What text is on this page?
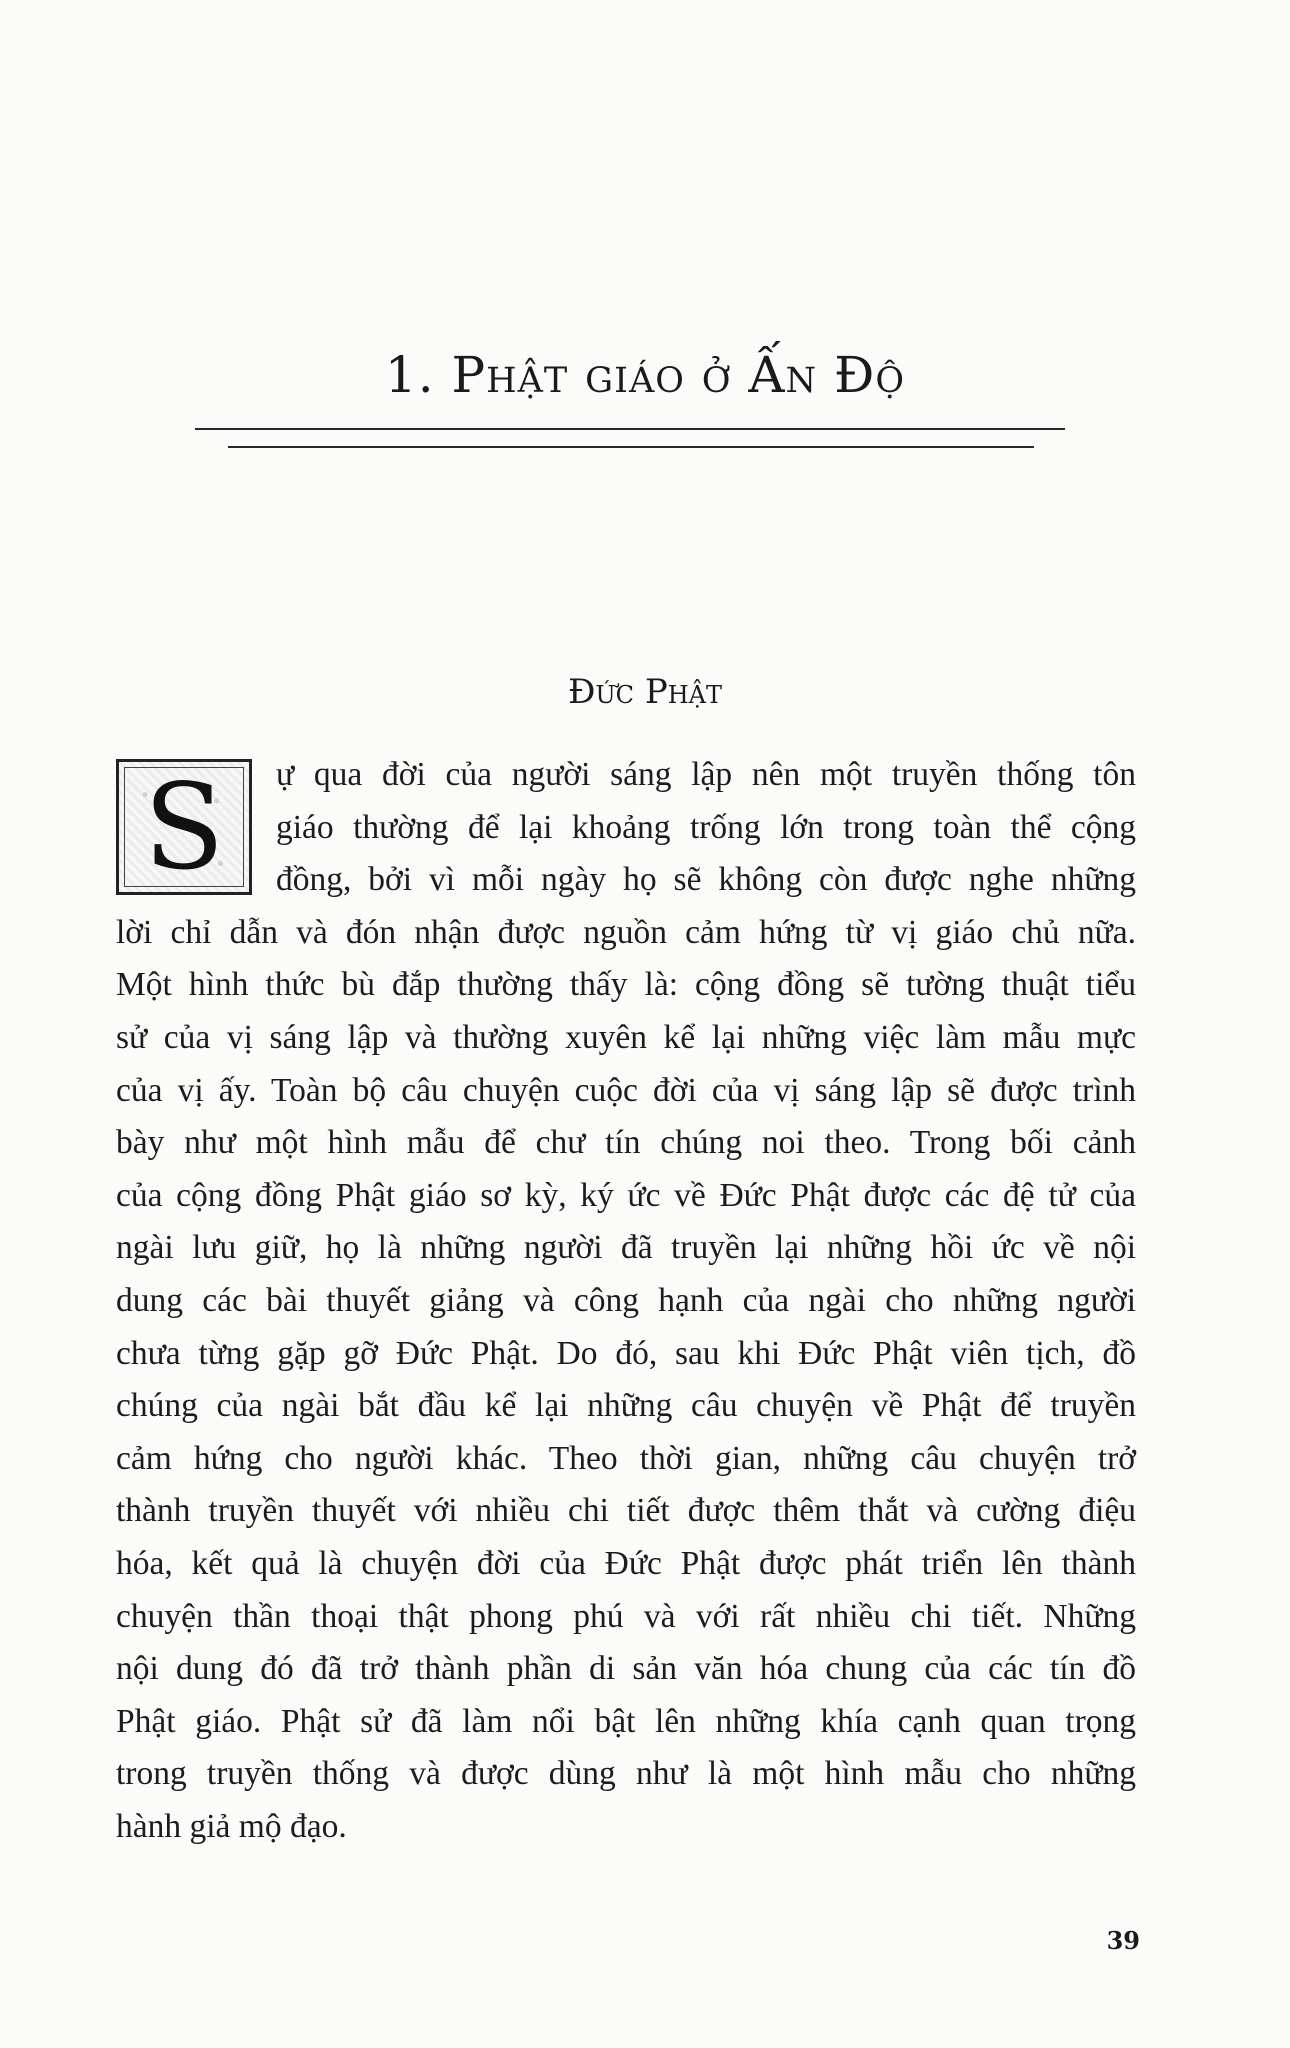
1. Phật giáo ở Ấn Độ
Đức Phật
S	ự qua đời của người sáng lập nên một truyền thống tôn
giáo thường để lại khoảng trống lớn trong toàn thể cộng
đồng, bởi vì mỗi ngày họ sẽ không còn được nghe những
lời chỉ dẫn và đón nhận được nguồn cảm hứng từ vị giáo chủ nữa.
Một hình thức bù đắp thường thấy là: cộng đồng sẽ tường thuật tiểu
sử của vị sáng lập và thường xuyên kể lại những việc làm mẫu mực
của vị ấy. Toàn bộ câu chuyện cuộc đời của vị sáng lập sẽ được trình
bày như một hình mẫu để chư tín chúng noi theo. Trong bối cảnh
của cộng đồng Phật giáo sơ kỳ, ký ức về Đức Phật được các đệ tử của
ngài lưu giữ, họ là những người đã truyền lại những hồi ức về nội
dung các bài thuyết giảng và công hạnh của ngài cho những người
chưa từng gặp gỡ Đức Phật. Do đó, sau khi Đức Phật viên tịch, đồ
chúng của ngài bắt đầu kể lại những câu chuyện về Phật để truyền
cảm hứng cho người khác. Theo thời gian, những câu chuyện trở
thành truyền thuyết với nhiều chi tiết được thêm thắt và cường điệu
hóa, kết quả là chuyện đời của Đức Phật được phát triển lên thành
chuyện thần thoại thật phong phú và với rất nhiều chi tiết. Những
nội dung đó đã trở thành phần di sản văn hóa chung của các tín đồ
Phật giáo. Phật sử đã làm nổi bật lên những khía cạnh quan trọng
trong truyền thống và được dùng như là một hình mẫu cho những
hành giả mộ đạo.
39
